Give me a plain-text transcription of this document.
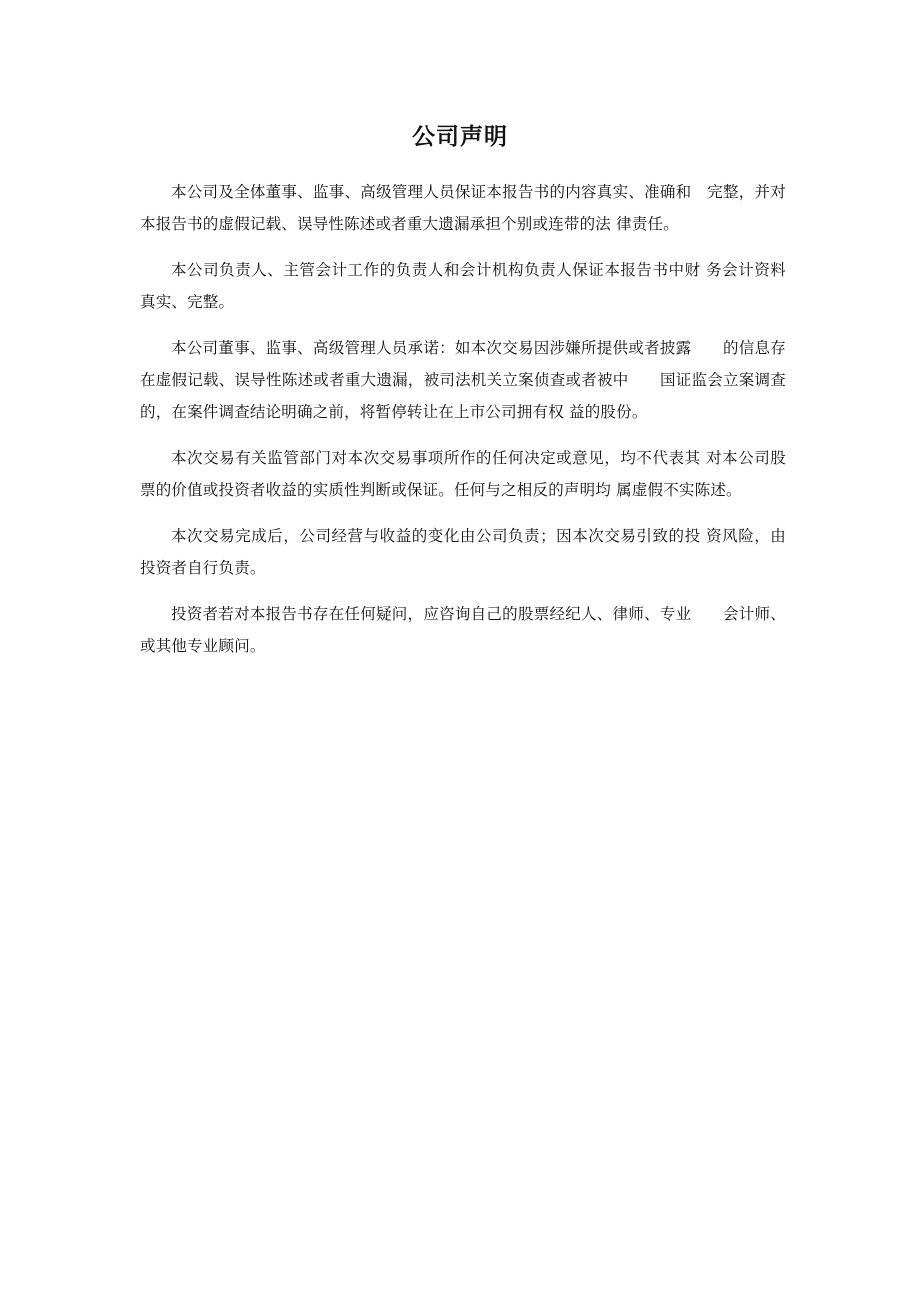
公司声明

本公司及全体董事、监事、高级管理人员保证本报告书的内容真实、准确和　完整，并对本报告书的虚假记载、误导性陈述或者重大遗漏承担个别或连带的法 律责任。

本公司负责人、主管会计工作的负责人和会计机构负责人保证本报告书中财 务会计资料真实、完整。

本公司董事、监事、高级管理人员承诺：如本次交易因涉嫌所提供或者披露　　的信息存在虚假记载、误导性陈述或者重大遗漏，被司法机关立案侦查或者被中　　国证监会立案调查的，在案件调查结论明确之前，将暂停转让在上市公司拥有权 益的股份。

本次交易有关监管部门对本次交易事项所作的任何决定或意见，均不代表其 对本公司股票的价值或投资者收益的实质性判断或保证。任何与之相反的声明均 属虚假不实陈述。

本次交易完成后，公司经营与收益的变化由公司负责；因本次交易引致的投 资风险，由投资者自行负责。

投资者若对本报告书存在任何疑问，应咨询自己的股票经纪人、律师、专业　　会计师、或其他专业顾问。
